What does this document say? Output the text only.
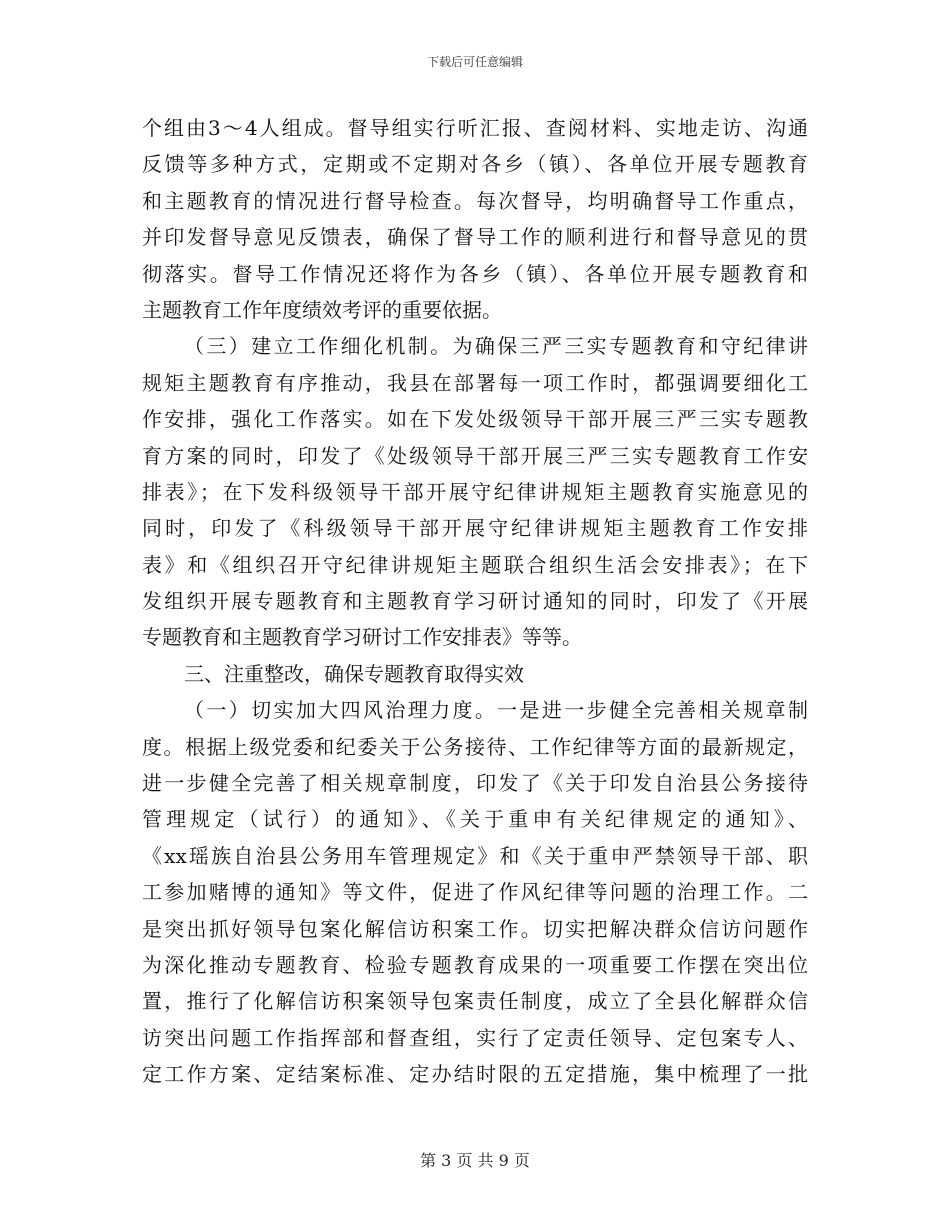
下载后可任意编辑
个组由3～4人组成。督导组实行听汇报、查阅材料、实地走访、沟通
反馈等多种方式，定期或不定期对各乡（镇）、各单位开展专题教育
和主题教育的情况进行督导检查。每次督导，均明确督导工作重点，
并印发督导意见反馈表，确保了督导工作的顺利进行和督导意见的贯
彻落实。督导工作情况还将作为各乡（镇）、各单位开展专题教育和
主题教育工作年度绩效考评的重要依据。
（三）建立工作细化机制。为确保三严三实专题教育和守纪律讲
规矩主题教育有序推动，我县在部署每一项工作时，都强调要细化工
作安排，强化工作落实。如在下发处级领导干部开展三严三实专题教
育方案的同时，印发了《处级领导干部开展三严三实专题教育工作安
排表》；在下发科级领导干部开展守纪律讲规矩主题教育实施意见的
同时，印发了《科级领导干部开展守纪律讲规矩主题教育工作安排
表》和《组织召开守纪律讲规矩主题联合组织生活会安排表》；在下
发组织开展专题教育和主题教育学习研讨通知的同时，印发了《开展
专题教育和主题教育学习研讨工作安排表》等等。
三、注重整改，确保专题教育取得实效
（一）切实加大四风治理力度。一是进一步健全完善相关规章制
度。根据上级党委和纪委关于公务接待、工作纪律等方面的最新规定，
进一步健全完善了相关规章制度，印发了《关于印发自治县公务接待
管理规定（试行）的通知》、《关于重申有关纪律规定的通知》、
《xx瑶族自治县公务用车管理规定》和《关于重申严禁领导干部、职
工参加赌博的通知》等文件，促进了作风纪律等问题的治理工作。二
是突出抓好领导包案化解信访积案工作。切实把解决群众信访问题作
为深化推动专题教育、检验专题教育成果的一项重要工作摆在突出位
置，推行了化解信访积案领导包案责任制度，成立了全县化解群众信
访突出问题工作指挥部和督查组，实行了定责任领导、定包案专人、
定工作方案、定结案标准、定办结时限的五定措施，集中梳理了一批
第 3 页 共 9 页
